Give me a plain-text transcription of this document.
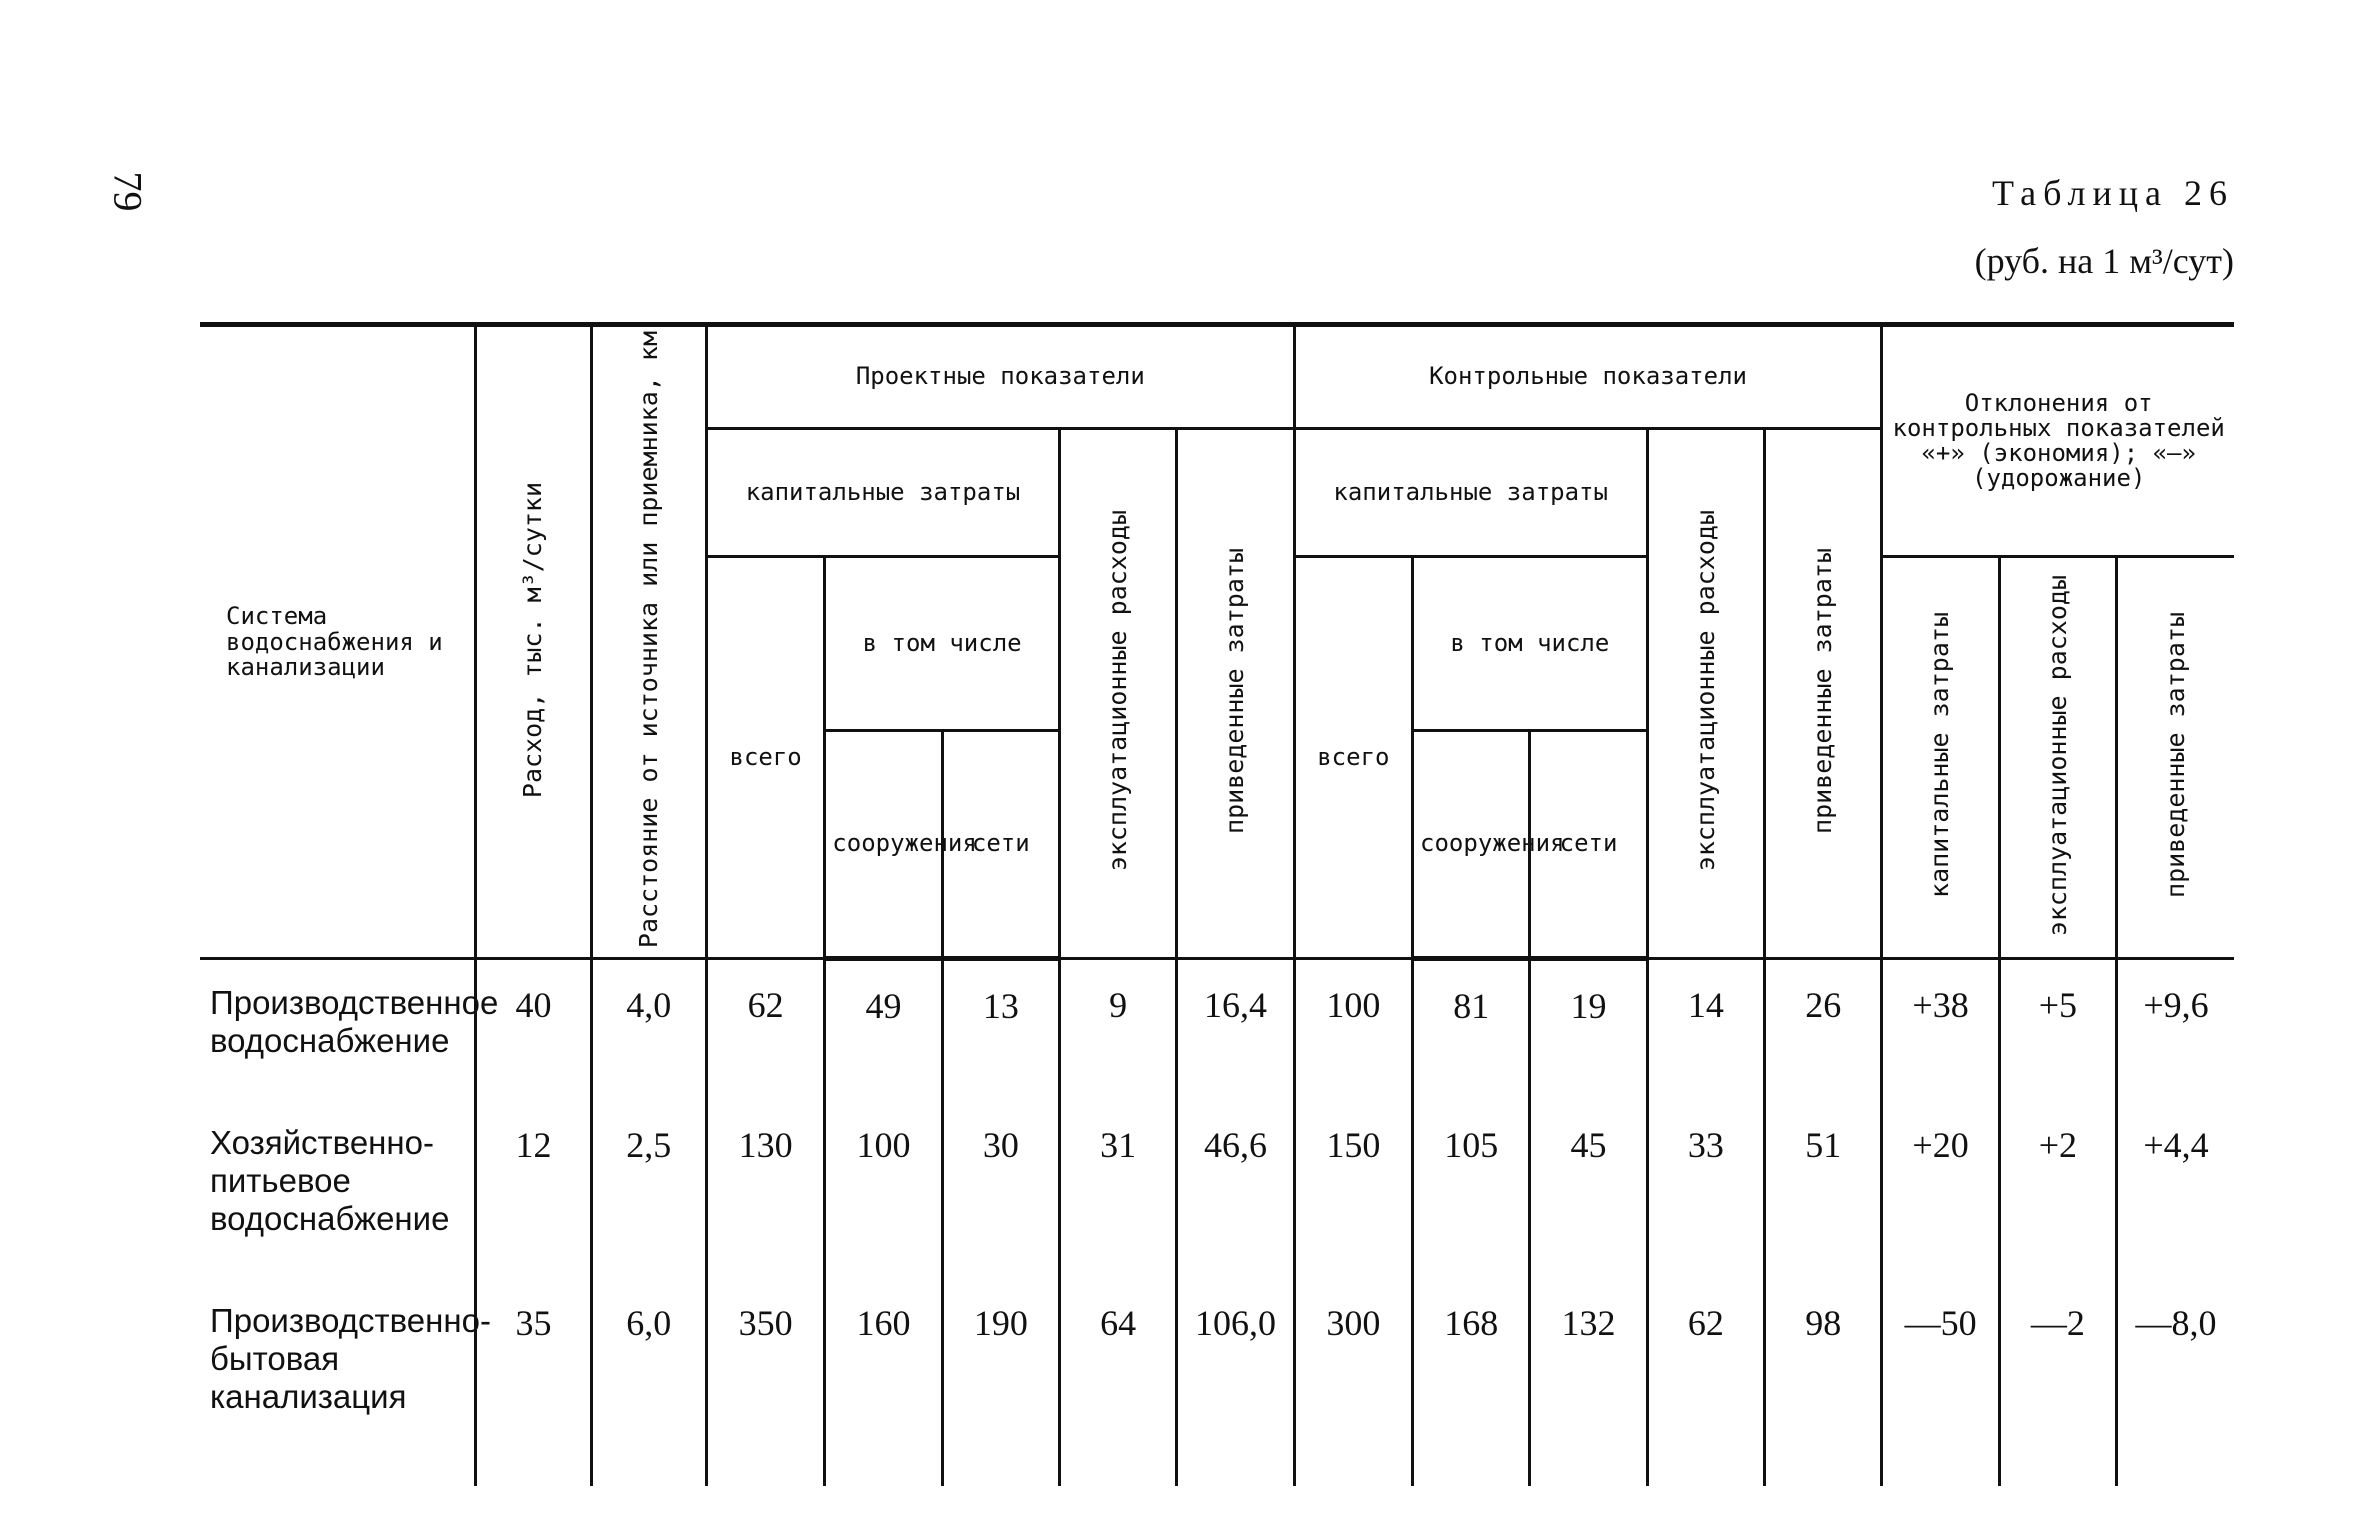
79	Таблица 26
(руб. на 1 м³/сут)
Система водоснабжения и канализации	Расход, тыс. м³/сутки	Расстояние от источника или приемника, км	Проектные показатели					Контрольные показатели					Отклонения от контрольных показателей «+» (экономия); «—» (удорожание)		
			капитальные затраты			эксплуатационные расходы	приведенные затраты	капитальные затраты			эксплуатационные расходы	приведенные затраты			
			всего	в том числе				всего	в том числе				капитальные затраты	эксплуатационные расходы	приведенные затраты
				сооружения	сети				сооружения	сети					
Производственное водоснабжение	40	4,0	62	49	13	9	16,4	100	81	19	14	26	+38	+5	+9,6
Хозяйственно-питьевое водоснабжение	12	2,5	130	100	30	31	46,6	150	105	45	33	51	+20	+2	+4,4
Производственно-бытовая канализация	35	6,0	350	160	190	64	106,0	300	168	132	62	98	—50	—2	—8,0
